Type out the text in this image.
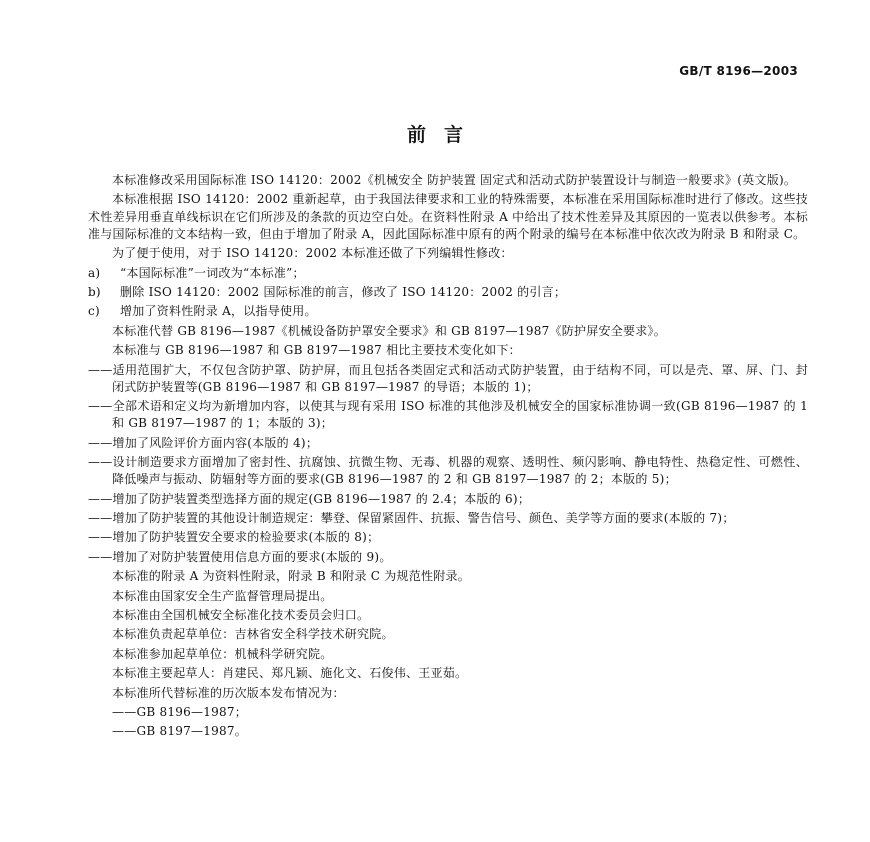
GB/T 8196—2003
前言

本标准修改采用国际标准 ISO 14120：2002《机械安全 防护装置 固定式和活动式防护装置设计与制造一般要求》(英文版)。

本标准根据 ISO 14120：2002 重新起草，由于我国法律要求和工业的特殊需要，本标准在采用国际标准时进行了修改。这些技术性差异用垂直单线标识在它们所涉及的条款的页边空白处。在资料性附录 A 中给出了技术性差异及其原因的一览表以供参考。本标准与国际标准的文本结构一致，但由于增加了附录 A，因此国际标准中原有的两个附录的编号在本标准中依次改为附录 B 和附录 C。

为了便于使用，对于 ISO 14120：2002 本标准还做了下列编辑性修改：

a)	“本国际标准”一词改为“本标准”；
b)	删除 ISO 14120：2002 国际标准的前言，修改了 ISO 14120：2002 的引言；
c)	增加了资料性附录 A，以指导使用。

本标准代替 GB 8196—1987《机械设备防护罩安全要求》和 GB 8197—1987《防护屏安全要求》。

本标准与 GB 8196—1987 和 GB 8197—1987 相比主要技术变化如下：

——适用范围扩大，不仅包含防护罩、防护屏，而且包括各类固定式和活动式防护装置，由于结构不同，可以是壳、罩、屏、门、封闭式防护装置等(GB 8196—1987 和 GB 8197—1987 的导语；本版的 1)；

——全部术语和定义均为新增加内容，以使其与现有采用 ISO 标准的其他涉及机械安全的国家标准协调一致(GB 8196—1987 的 1 和 GB 8197—1987 的 1；本版的 3)；

——增加了风险评价方面内容(本版的 4)；

——设计制造要求方面增加了密封性、抗腐蚀、抗微生物、无毒、机器的观察、透明性、频闪影响、静电特性、热稳定性、可燃性、降低噪声与振动、防辐射等方面的要求(GB 8196—1987 的 2 和 GB 8197—1987 的 2；本版的 5)；

——增加了防护装置类型选择方面的规定(GB 8196—1987 的 2.4；本版的 6)；

——增加了防护装置的其他设计制造规定：攀登、保留紧固件、抗振、警告信号、颜色、美学等方面的要求(本版的 7)；

——增加了防护装置安全要求的检验要求(本版的 8)；

——增加了对防护装置使用信息方面的要求(本版的 9)。

本标准的附录 A 为资料性附录，附录 B 和附录 C 为规范性附录。

本标准由国家安全生产监督管理局提出。

本标准由全国机械安全标准化技术委员会归口。

本标准负责起草单位：吉林省安全科学技术研究院。

本标准参加起草单位：机械科学研究院。

本标准主要起草人：肖建民、郑凡颖、施化文、石俊伟、王亚茹。

本标准所代替标准的历次版本发布情况为：

——GB 8196—1987；

——GB 8197—1987。
